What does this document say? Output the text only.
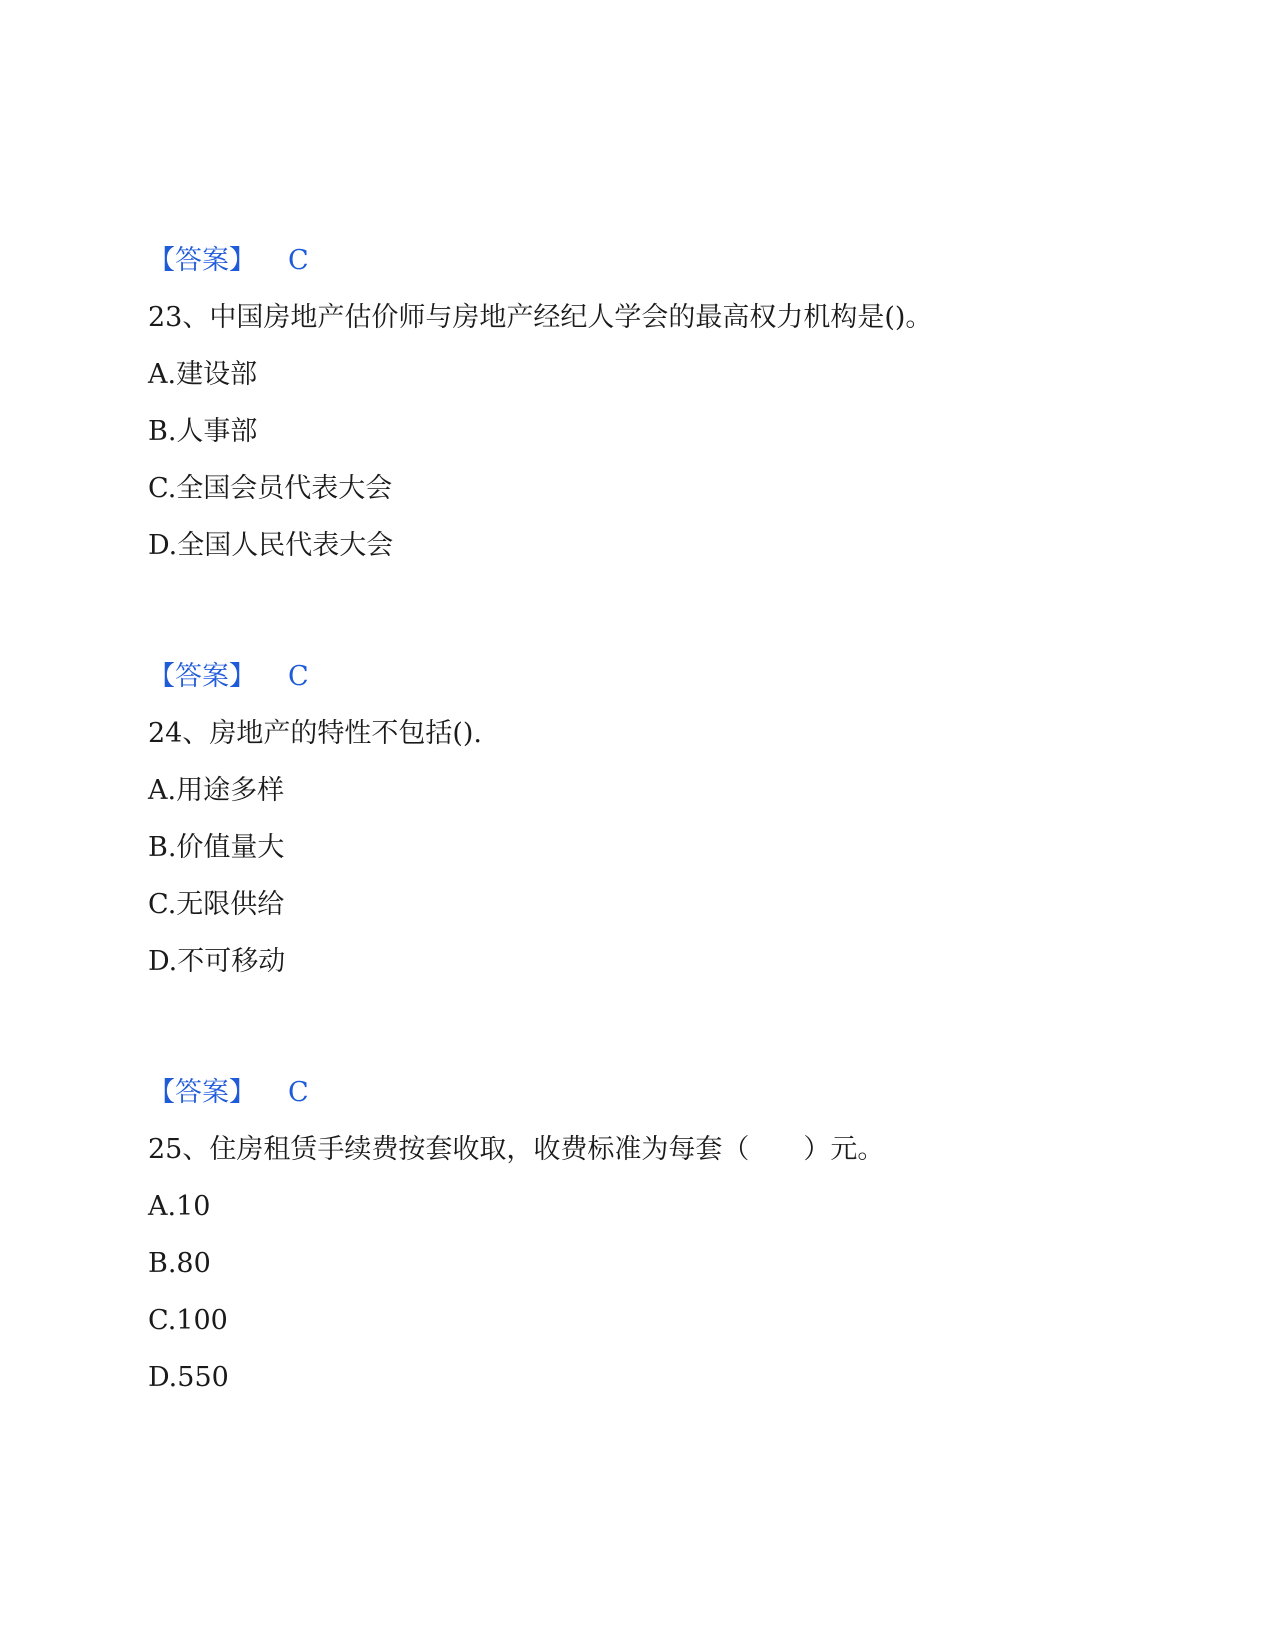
【答案】 C
23、中国房地产估价师与房地产经纪人学会的最高权力机构是()。
A.建设部
B.人事部
C.全国会员代表大会
D.全国人民代表大会
【答案】 C
24、房地产的特性不包括().
A.用途多样
B.价值量大
C.无限供给
D.不可移动
【答案】 C
25、住房租赁手续费按套收取，收费标准为每套（　　）元。
A.10
B.80
C.100
D.550
